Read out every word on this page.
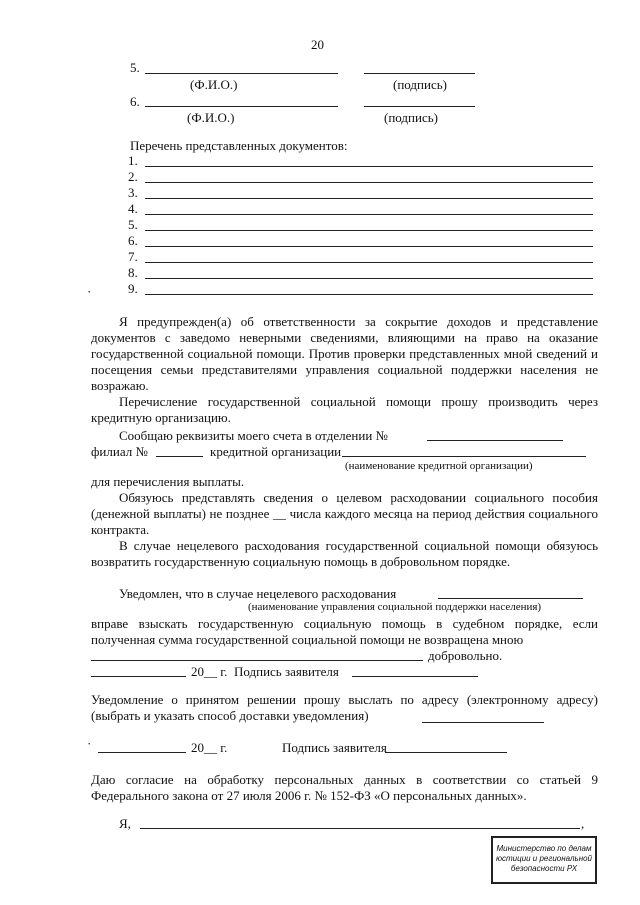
20
5.
(Ф.И.О.)	(подпись)
6.
(Ф.И.О.)	(подпись)
Перечень представленных документов:
1.
2.
3.
4.
5.
6.
7.
8.
9.
·
Я предупрежден(а) об ответственности за сокрытие доходов и представление документов с заведомо неверными сведениями, влияющими на право на оказание государственной социальной помощи. Против проверки представленных мной сведений и посещения семьи представителями управления социальной поддержки населения не возражаю.
Перечисление государственной социальной помощи прошу производить через кредитную организацию.
Сообщаю реквизиты моего счета в отделении №
филиал №	кредитной организации
(наименование кредитной организации)
для перечисления выплаты.
Обязуюсь представлять сведения о целевом расходовании социального пособия (денежной выплаты) не позднее __ числа каждого месяца на период действия социального контракта.
В случае нецелевого расходования государственной социальной помощи обязуюсь возвратить государственную социальную помощь в добровольном порядке.
Уведомлен, что в случае нецелевого расходования
(наименование управления социальной поддержки населения)
вправе взыскать государственную социальную помощь в судебном порядке, если полученная сумма государственной социальной помощи не возвращена мною
добровольно.
20__ г. Подпись заявителя
Уведомление о принятом решении прошу выслать по адресу (электронному адресу) (выбрать и указать способ доставки уведомления)
·	20__ г.	Подпись заявителя
Даю согласие на обработку персональных данных в соответствии со статьей 9 Федерального закона от 27 июля 2006 г. № 152-ФЗ «О персональных данных».
Я,	,
Министерство по делам
юстиции и региональной
безопасности РХ
